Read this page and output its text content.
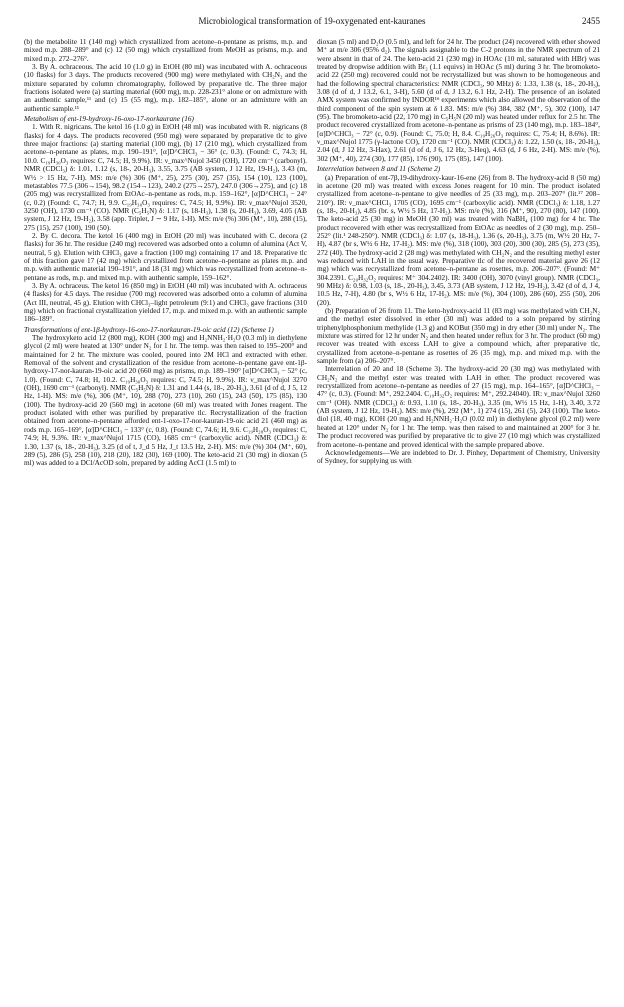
Microbiological transformation of 19-oxygenated ent-kauranes	2455

(b) the metabolite 11 (140 mg) which crystallized from acetone–n-pentane as prisms, m.p. and mixed m.p. 288–289° and (c) 12 (50 mg) which crystallized from MeOH as prisms, m.p. and mixed m.p. 272–276°.

3. By A. ochraceous. The acid 10 (1.0 g) in EtOH (80 ml) was incubated with A. ochraceous (10 flasks) for 3 days. The products recovered (900 mg) were methylated with CH₂N₂ and the mixture separated by column chromatography, followed by preparative tlc. The three major fractions isolated were (a) starting material (600 mg), m.p. 228-231° alone or on admixture with an authentic sample,¹¹ and (c) 15 (55 mg), m.p. 182–185°, alone or an admixture with an authentic sample.¹¹

Metabolism of ent-19-hydroxy-16-oxo-17-norkaurane (16)

1. With R. nigricans. The ketol 16 (1.0 g) in EtOH (48 ml) was incubated with R. nigricans (8 flasks) for 4 days. The products recovered (950 mg) were separated by preparative tlc to give three major fractions: (a) starting material (100 mg), (b) 17 (210 mg), which crystallized from acetone–n-pentane as plates, m.p. 190–191°, [α]D^CHCl₃ − 36° (c, 0.3). (Found: C, 74.3; H, 10.0. C₁₉H₃₀O₃ requires: C, 74.5; H, 9.9%). IR: ν_max^Nujol 3450 (OH), 1720 cm⁻¹ (carbonyl). NMR (CDCl₃) δ: 1.01, 1.12 (s, 18-, 20-H₃), 3.55, 3.75 (AB system, J 12 Hz, 19-H₂), 3.43 (m, W½ > 15 Hz, 7-H). MS: m/e (%) 306 (M⁺, 25), 275 (30), 257 (35), 154 (10), 123 (100), metastables 77.5 (306→154), 98.2 (154→123), 240.2 (275→257), 247.0 (306→275), and (c) 18 (205 mg) was recrystallized from EtOAc–n-pentane as rods, m.p. 159–162°, [α]D^CHCl₃ − 24° (c, 0.2) (Found: C, 74.7; H, 9.9. C₁₉H₃₀O₃ requires: C, 74.5; H, 9.9%). IR: ν_max^Nujol 3520, 3250 (OH), 1730 cm⁻¹ (CO). NMR (C₅H₅N) δ: 1.17 (s, 18-H₃), 1.38 (s, 20-H₃), 3.69, 4.05 (AB system, J 12 Hz, 19-H₂), 3.58 (app. Triplet, J ∼ 9 Hz, 1-H). MS: m/e (%) 306 (M⁺, 10), 288 (15), 275 (15), 257 (100), 190 (50).

2. By C. decora. The ketol 16 (400 mg) in EtOH (20 ml) was incubated with C. decora (2 flasks) for 36 hr. The residue (240 mg) recovered was adsorbed onto a column of alumina (Act V, neutral, 5 g). Elution with CHCl₃ gave a fraction (100 mg) containing 17 and 18. Preparative tlc of this fraction gave 17 (42 mg) which crystallized from acetone–n-pentane as plates m.p. and m.p. with authentic material 190–191°, and 18 (31 mg) which was recrystallized from acetone–n-pentane as rods, m.p. and mixed m.p. with authentic sample, 159–162°.

3. By A. ochraceus. The ketol 16 (850 mg) in EtOH (40 ml) was incubated with A. ochraceus (4 flasks) for 4.5 days. The residue (700 mg) recovered was adsorbed onto a column of alumina (Act III, neutral, 45 g). Elution with CHCl₃–light petroleum (9:1) and CHCl₃ gave fractions (310 mg) which on fractional crystallization yielded 17, m.p. and mixed m.p. with an authentic sample 186–189°.

Transformations of ent-1β-hydroxy-16-oxo-17-norkauran-19-oic acid (12) (Scheme 1)

The hydroxyketo acid 12 (800 mg), KOH (300 mg) and H₂NNH₂·H₂O (0.3 ml) in diethylene glycol (2 ml) were heated at 130° under N₂ for 1 hr. The temp. was then raised to 195–200° and maintained for 2 hr. The mixture was cooled, poured into 2M HCl and extracted with ether. Removal of the solvent and crystallization of the residue from acetone–n-pentane gave ent-1β-hydroxy-17-nor-kauran-19-oic acid 20 (660 mg) as prisms, m.p. 189–190° [α]D^CHCl₃ − 52° (c, 1.0). (Found: C, 74.8; H, 10.2. C₁₉H₃₀O₃ requires: C, 74.5; H, 9.9%). IR: ν_max^Nujol 3270 (OH), 1690 cm⁻¹ (carbonyl). NMR (C₅H₅N) δ: 1.31 and 1.44 (s, 18-, 20-H₃), 3.61 (d of d, J 5, 12 Hz, 1-H). MS: m/e (%), 306 (M⁺, 10), 288 (70), 273 (10), 260 (15), 243 (50), 175 (85), 130 (100). The hydroxy-acid 20 (560 mg) in acetone (60 ml) was treated with Jones reagent. The product isolated with ether was purified by preparative tlc. Recrystallization of the fraction obtained from acetone–n-pentane afforded ent-1-oxo-17-nor-kauran-19-oic acid 21 (460 mg) as rods m.p. 165–169°, [α]D^CHCl₃ − 133° (c, 0.8). (Found: C, 74.6; H, 9.6. C₁₉H₂₈O₃ requires: C, 74.9; H, 9.3%. IR: ν_max^Nujol 1715 (CO), 1685 cm⁻¹ (carboxylic acid). NMR (CDCl₃) δ: 1.30, 1.37 (s, 18-, 20-H₃), 3.25 (d of t, J_d 5 Hz, J_t 13.5 Hz, 2-H). MS: m/e (%) 304 (M⁺, 60), 289 (5), 286 (5), 258 (10), 218 (20), 182 (30), 169 (100). The keto-acid 21 (30 mg) in dioxan (5 ml) was added to a DCl/AcOD soln, prepared by adding AcCl (1.5 ml) to

dioxan (5 ml) and D₂O (0.5 ml), and left for 24 hr. The product (24) recovered with ether showed M⁺ at m/e 306 (95% d₂). The signals assignable to the C-2 protons in the NMR spectrum of 21 were absent in that of 24. The keto-acid 21 (230 mg) in HOAc (10 ml, saturated with HBr) was treated by dropwise addition with Br₂ (1.1 equivs) in HOAc (5 ml) during 3 hr. The bromoketo-acid 22 (250 mg) recovered could not be recrystallized but was shown to be homogeneous and had the following spectral characteristics: NMR (CDCl₃, 90 MHz) δ: 1.33, 1.38 (s, 18-, 20-H₃), 3.08 (d of d, J 13.2, 6.1, 3-H), 5.60 (d of d, J 13.2, 6.1 Hz, 2-H). The presence of an isolated AMX system was confirmed by INDOR¹⁶ experiments which also allowed the observation of the third component of the spin system at δ 1.83. MS: m/e (%) 384, 382 (M⁺, 5), 302 (100), 147 (95). The bromoketo-acid (22, 170 mg) in C₅H₅N (20 ml) was heated under reflux for 2.5 hr. The product recovered crystallized from acetone–n-pentane as prisms of 23 (140 mg), m.p. 183–184°, [α]D^CHCl₃ − 72° (c, 0.9). (Found: C, 75.0; H, 8.4. C₁₉H₂₆O₃ requires: C, 75.4; H, 8.6%). IR: ν_max^Nujol 1775 (γ-lactone CO), 1720 cm⁻¹ (CO). NMR (CDCl₃) δ: 1.22, 1.50 (s, 18-, 20-H₃), 2.04 (d, J 12 Hz, 3-Hax), 2.61 (d of d, J 6, 12 Hz, 3-Heq), 4.63 (d, J 6 Hz, 2-H). MS: m/e (%), 302 (M⁺, 40), 274 (30), 177 (85), 176 (90), 175 (85), 147 (100).

Interrelation between 8 and 11 (Scheme 2)

(a) Preparation of ent-7β,19-dihydroxy-kaur-16-ene (26) from 8. The hydroxy-acid 8 (50 mg) in acetone (20 ml) was treated with excess Jones reagent for 10 min. The product isolated crystallized from acetone–n-pentane to give needles of 25 (33 mg), m.p. 203–207° (lit.¹⁷ 208–210°). IR: ν_max^CHCl₃ 1705 (CO), 1695 cm⁻¹ (carboxylic acid). NMR (CDCl₃) δ: 1.18, 1.27 (s, 18-, 20-H₃), 4.85 (br. s, W½ 5 Hz, 17-H₂). MS: m/e (%), 316 (M⁺, 90), 270 (80), 147 (100). The keto-acid 25 (30 mg) in MeOH (30 ml) was treated with NaBH₄ (100 mg) for 4 hr. The product recovered with ether was recrystallized from EtOAc as needles of 2 (30 mg), m.p. 250–252° (lit.¹ 248-250°). NMR (CDCl₃) δ: 1.07 (s, 18-H₃), 1.36 (s, 20-H₃), 3.75 (m, W½ 20 Hz, 7-H), 4.87 (br s, W½ 6 Hz, 17-H₂). MS: m/e (%), 318 (100), 303 (20), 300 (30), 285 (5), 273 (35), 272 (40). The hydroxy-acid 2 (28 mg) was methylated with CH₂N₂ and the resulting methyl ester was reduced with LAH in the usual way. Preparative tlc of the recovered material gave 26 (12 mg) which was recrystallized from acetone–n-pentane as rosettes, m.p. 206–207°. (Found: M⁺ 304.2391. C₂₀H₃₂O₂ requires: M⁺ 304.2402). IR: 3400 (OH), 3070 (vinyl group). NMR (CDCl₃, 90 MHz) δ: 0.98, 1.03 (s, 18-, 20-H₃), 3.45, 3.73 (AB system, J 12 Hz, 19-H₂), 3.42 (d of d, J 4, 10.5 Hz, 7-H), 4.80 (br s, W½ 6 Hz, 17-H₂). MS: m/e (%), 304 (100), 286 (60), 255 (50), 206 (20).

(b) Preparation of 26 from 11. The keto-hydroxy-acid 11 (83 mg) was methylated with CH₂N₂ and the methyl ester dissolved in ether (30 ml) was added to a soln prepared by stirring triphenylphosphonium methylide (1.3 g) and KOBut (350 mg) in dry ether (30 ml) under N₂. The mixture was stirred for 12 hr under N₂ and then heated under reflux for 3 hr. The product (60 mg) recover was treated with excess LAH to give a compound which, after preparative tlc, crystallized from acetone–n-pentane as rosettes of 26 (35 mg), m.p. and mixed m.p. with the sample from (a) 206–207°.

Interrelation of 20 and 18 (Scheme 3). The hydroxy-acid 20 (30 mg) was methylated with CH₂N₂ and the methyl ester was treated with LAH in ether. The product recovered was recrystallized from acetone–n-pentane as needles of 27 (15 mg), m.p. 164–165°, [α]D^CHCl₃ − 47° (c, 0.3). (Found: M⁺, 292.2404. C₁₉H₃₂O₂ requires: M⁺, 292.24040). IR: ν_max^Nujol 3260 cm⁻¹ (OH). NMR (CDCl₃) δ: 0.93, 1.10 (s, 18-, 20-H₃), 3.35 (m, W½ 15 Hz, 1-H), 3.40, 3.72 (AB system, J 12 Hz, 19-H₂). MS: m/e (%), 292 (M⁺, 1) 274 (15), 261 (5), 243 (100). The keto-diol (18, 40 mg), KOH (20 mg) and H₂NNH₂·H₂O (0.02 ml) in diethylene glycol (0.2 ml) were heated at 120° under N₂ for 1 hr. The temp. was then raised to and maintained at 200° for 3 hr. The product recovered was purified by preparative tlc to give 27 (10 mg) which was crystallized from acetone–n-pentane and proved identical with the sample prepared above.

Acknowledgements—We are indebted to Dr. J. Pinhey, Department of Chemistry, University of Sydney, for supplying us with
